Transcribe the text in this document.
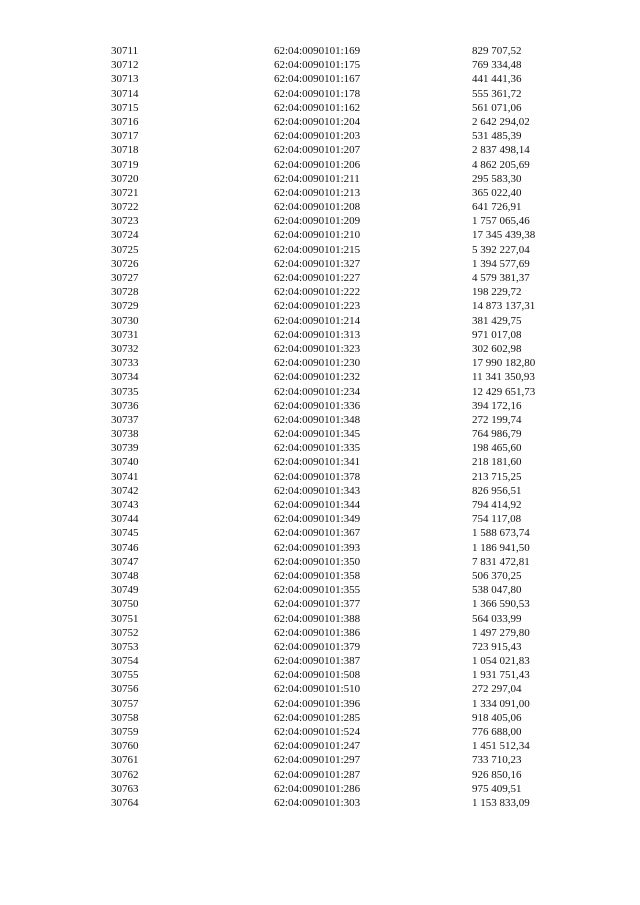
30711	62:04:0090101:169	829 707,52
30712	62:04:0090101:175	769 334,48
30713	62:04:0090101:167	441 441,36
30714	62:04:0090101:178	555 361,72
30715	62:04:0090101:162	561 071,06
30716	62:04:0090101:204	2 642 294,02
30717	62:04:0090101:203	531 485,39
30718	62:04:0090101:207	2 837 498,14
30719	62:04:0090101:206	4 862 205,69
30720	62:04:0090101:211	295 583,30
30721	62:04:0090101:213	365 022,40
30722	62:04:0090101:208	641 726,91
30723	62:04:0090101:209	1 757 065,46
30724	62:04:0090101:210	17 345 439,38
30725	62:04:0090101:215	5 392 227,04
30726	62:04:0090101:327	1 394 577,69
30727	62:04:0090101:227	4 579 381,37
30728	62:04:0090101:222	198 229,72
30729	62:04:0090101:223	14 873 137,31
30730	62:04:0090101:214	381 429,75
30731	62:04:0090101:313	971 017,08
30732	62:04:0090101:323	302 602,98
30733	62:04:0090101:230	17 990 182,80
30734	62:04:0090101:232	11 341 350,93
30735	62:04:0090101:234	12 429 651,73
30736	62:04:0090101:336	394 172,16
30737	62:04:0090101:348	272 199,74
30738	62:04:0090101:345	764 986,79
30739	62:04:0090101:335	198 465,60
30740	62:04:0090101:341	218 181,60
30741	62:04:0090101:378	213 715,25
30742	62:04:0090101:343	826 956,51
30743	62:04:0090101:344	794 414,92
30744	62:04:0090101:349	754 117,08
30745	62:04:0090101:367	1 588 673,74
30746	62:04:0090101:393	1 186 941,50
30747	62:04:0090101:350	7 831 472,81
30748	62:04:0090101:358	506 370,25
30749	62:04:0090101:355	538 047,80
30750	62:04:0090101:377	1 366 590,53
30751	62:04:0090101:388	564 033,99
30752	62:04:0090101:386	1 497 279,80
30753	62:04:0090101:379	723 915,43
30754	62:04:0090101:387	1 054 021,83
30755	62:04:0090101:508	1 931 751,43
30756	62:04:0090101:510	272 297,04
30757	62:04:0090101:396	1 334 091,00
30758	62:04:0090101:285	918 405,06
30759	62:04:0090101:524	776 688,00
30760	62:04:0090101:247	1 451 512,34
30761	62:04:0090101:297	733 710,23
30762	62:04:0090101:287	926 850,16
30763	62:04:0090101:286	975 409,51
30764	62:04:0090101:303	1 153 833,09
